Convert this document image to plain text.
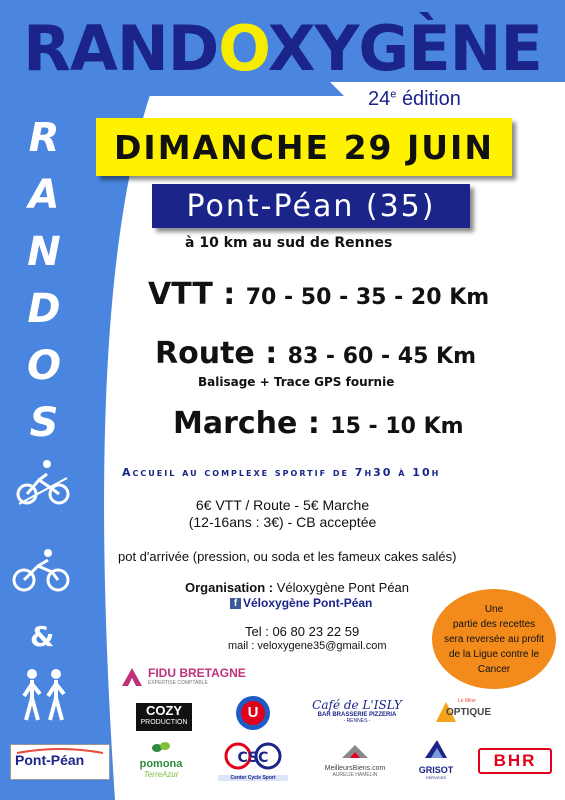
RANDOXYGÈNE
24e édition
DIMANCHE 29 JUIN
Pont-Péan (35)
à 10 km au sud de Rennes
R
A
N
D
O
S
&
Pont-Péan
VTT : 70 - 50 - 35 - 20 Km
Route : 83 - 60 - 45 Km
Balisage + Trace GPS fournie
Marche : 15 - 10 Km
Accueil au complexe sportif de 7h30 à 10h
6€ VTT / Route - 5€ Marche
(12-16ans : 3€) - CB acceptée
pot d'arrivée (pression, ou soda et les fameux cakes salés)
Organisation : Véloxygène Pont Péan
f Véloxygène Pont-Péan
Tel : 06 80 23 22 59
mail : veloxygene35@gmail.com
Une
partie des recettes
sera reversée au profit
de la Ligue contre le
Cancer
FIDU BRETAGNE
EXPERTISE COMPTABLE
COZY
PRODUCTION
U	Café de L'ISLY
BAR BRASSERIE PIZZERIA
- RENNES -
Le Mine
OPTIQUE
pomona
TerreAzur
CSC
Center Cycle Sport
MeilleursBiens.com
AURELIE HAMELIN	GRISOT
SERVICES
BHR
